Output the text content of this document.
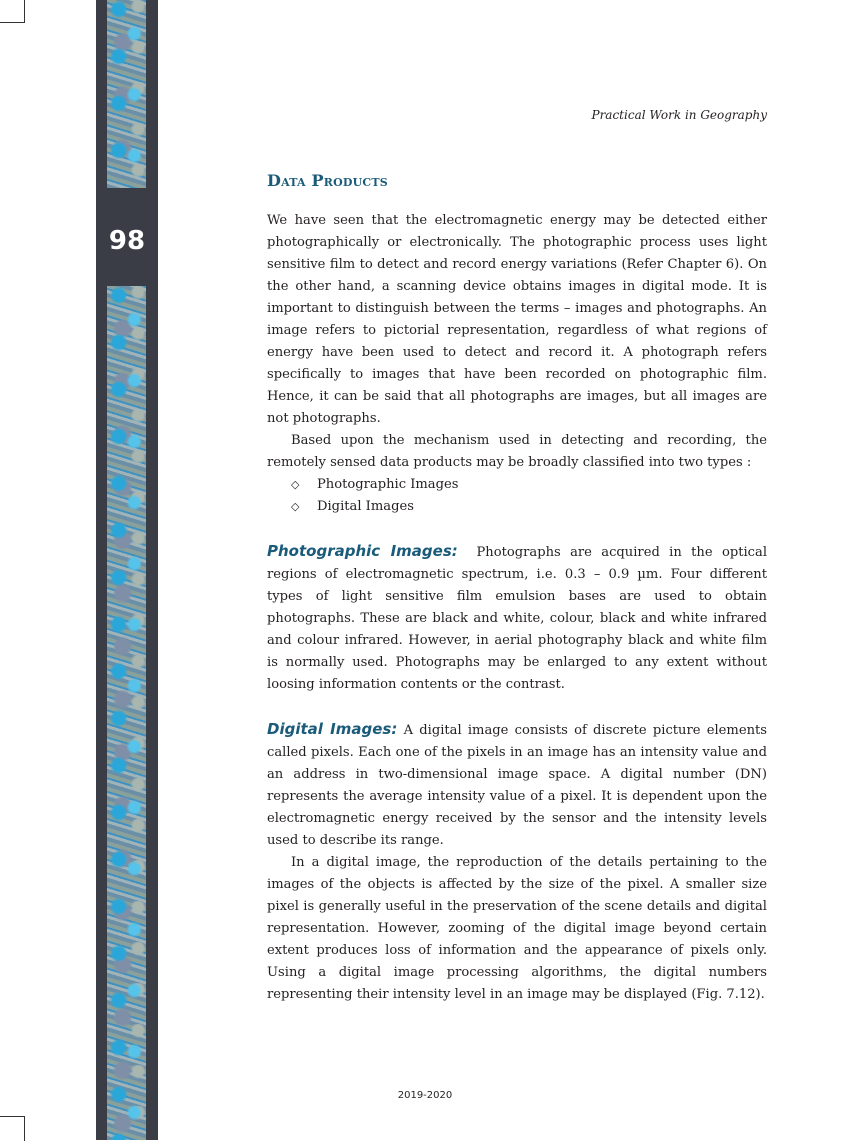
98
Practical Work in Geography
Data Products

We have seen that the electromagnetic energy may be detected either photographically or electronically. The photographic process uses light sensitive film to detect and record energy variations (Refer Chapter 6). On the other hand, a scanning device obtains images in digital mode. It is important to distinguish between the terms – images and photographs. An image refers to pictorial representation, regardless of what regions of energy have been used to detect and record it. A photograph refers specifically to images that have been recorded on photographic film. Hence, it can be said that all photographs are images, but all images are not photographs.

Based upon the mechanism used in detecting and recording, the remotely sensed data products may be broadly classified into two types :

◇ Photographic Images
◇ Digital Images

Photographic Images: Photographs are acquired in the optical regions of electromagnetic spectrum, i.e. 0.3 – 0.9 µm. Four different types of light sensitive film emulsion bases are used to obtain photographs. These are black and white, colour, black and white infrared and colour infrared. However, in aerial photography black and white film is normally used. Photographs may be enlarged to any extent without loosing information contents or the contrast.

Digital Images: A digital image consists of discrete picture elements called pixels. Each one of the pixels in an image has an intensity value and an address in two-dimensional image space. A digital number (DN) represents the average intensity value of a pixel. It is dependent upon the electromagnetic energy received by the sensor and the intensity levels used to describe its range.

In a digital image, the reproduction of the details pertaining to the images of the objects is affected by the size of the pixel. A smaller size pixel is generally useful in the preservation of the scene details and digital representation. However, zooming of the digital image beyond certain extent produces loss of information and the appearance of pixels only. Using a digital image processing algorithms, the digital numbers representing their intensity level in an image may be displayed (Fig. 7.12).

2019-2020
